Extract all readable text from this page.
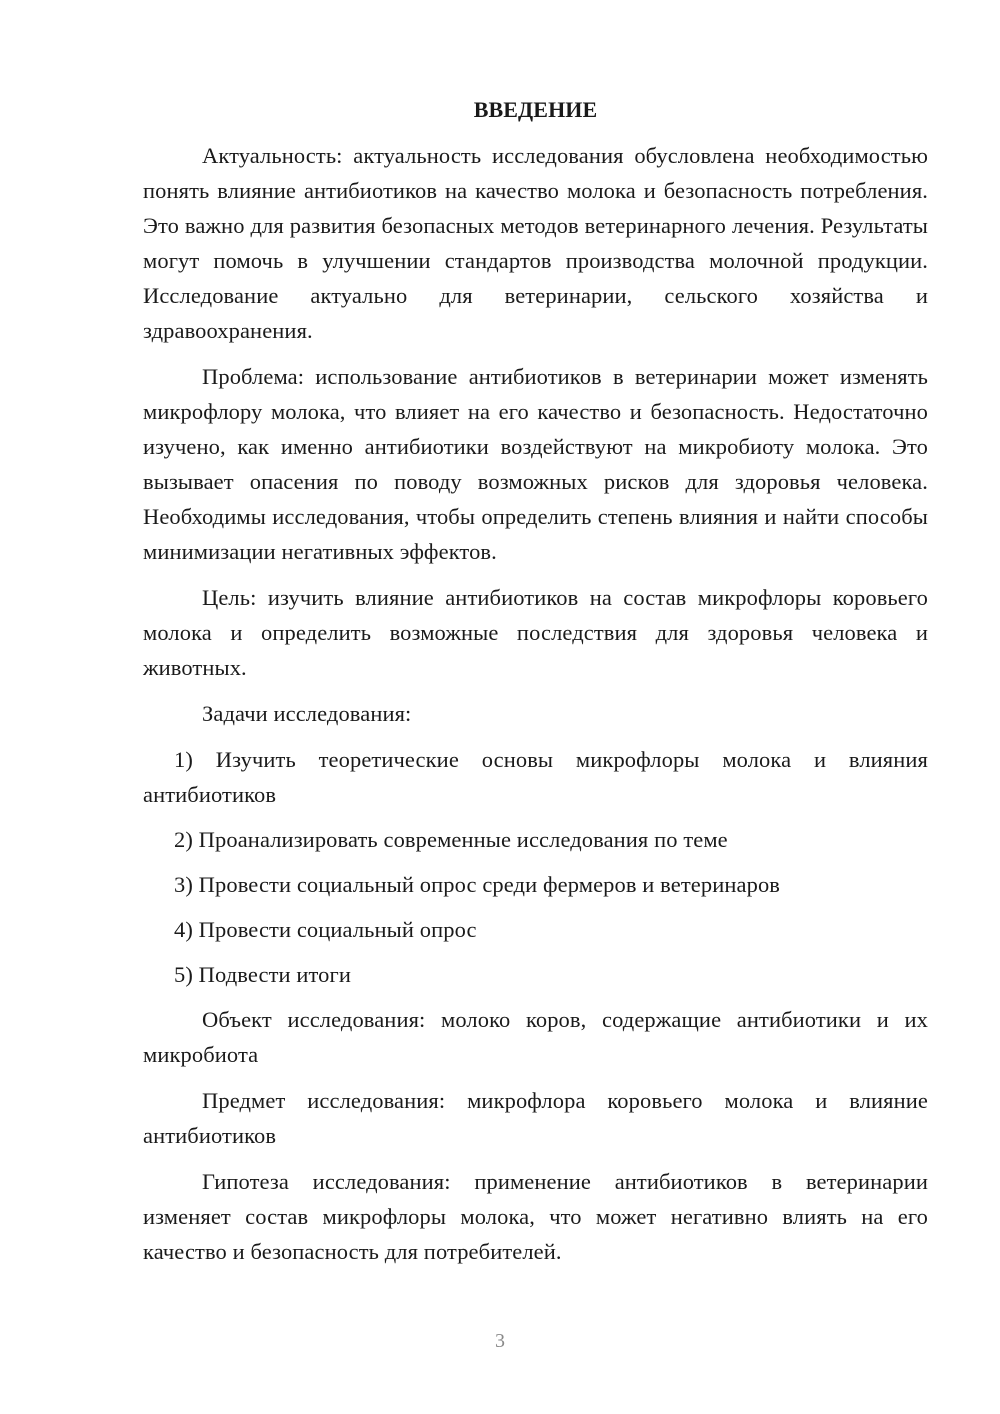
ВВЕДЕНИЕ

Актуальность: актуальность исследования обусловлена необходимостью понять влияние антибиотиков на качество молока и безопасность потребления. Это важно для развития безопасных методов ветеринарного лечения. Результаты могут помочь в улучшении стандартов производства молочной продукции. Исследование актуально для ветеринарии, сельского хозяйства и здравоохранения.

Проблема: использование антибиотиков в ветеринарии может изменять микрофлору молока, что влияет на его качество и безопасность. Недостаточно изучено, как именно антибиотики воздействуют на микробиоту молока. Это вызывает опасения по поводу возможных рисков для здоровья человека. Необходимы исследования, чтобы определить степень влияния и найти способы минимизации негативных эффектов.

Цель: изучить влияние антибиотиков на состав микрофлоры коровьего молока и определить возможные последствия для здоровья человека и животных.

Задачи исследования:

1) Изучить теоретические основы микрофлоры молока и влияния антибиотиков

2) Проанализировать современные исследования по теме

3) Провести социальный опрос среди фермеров и ветеринаров

4) Провести социальный опрос

5) Подвести итоги

Объект исследования: молоко коров, содержащие антибиотики и их микробиота

Предмет исследования: микрофлора коровьего молока и влияние антибиотиков

Гипотеза исследования: применение антибиотиков в ветеринарии изменяет состав микрофлоры молока, что может негативно влиять на его качество и безопасность для потребителей.

3
